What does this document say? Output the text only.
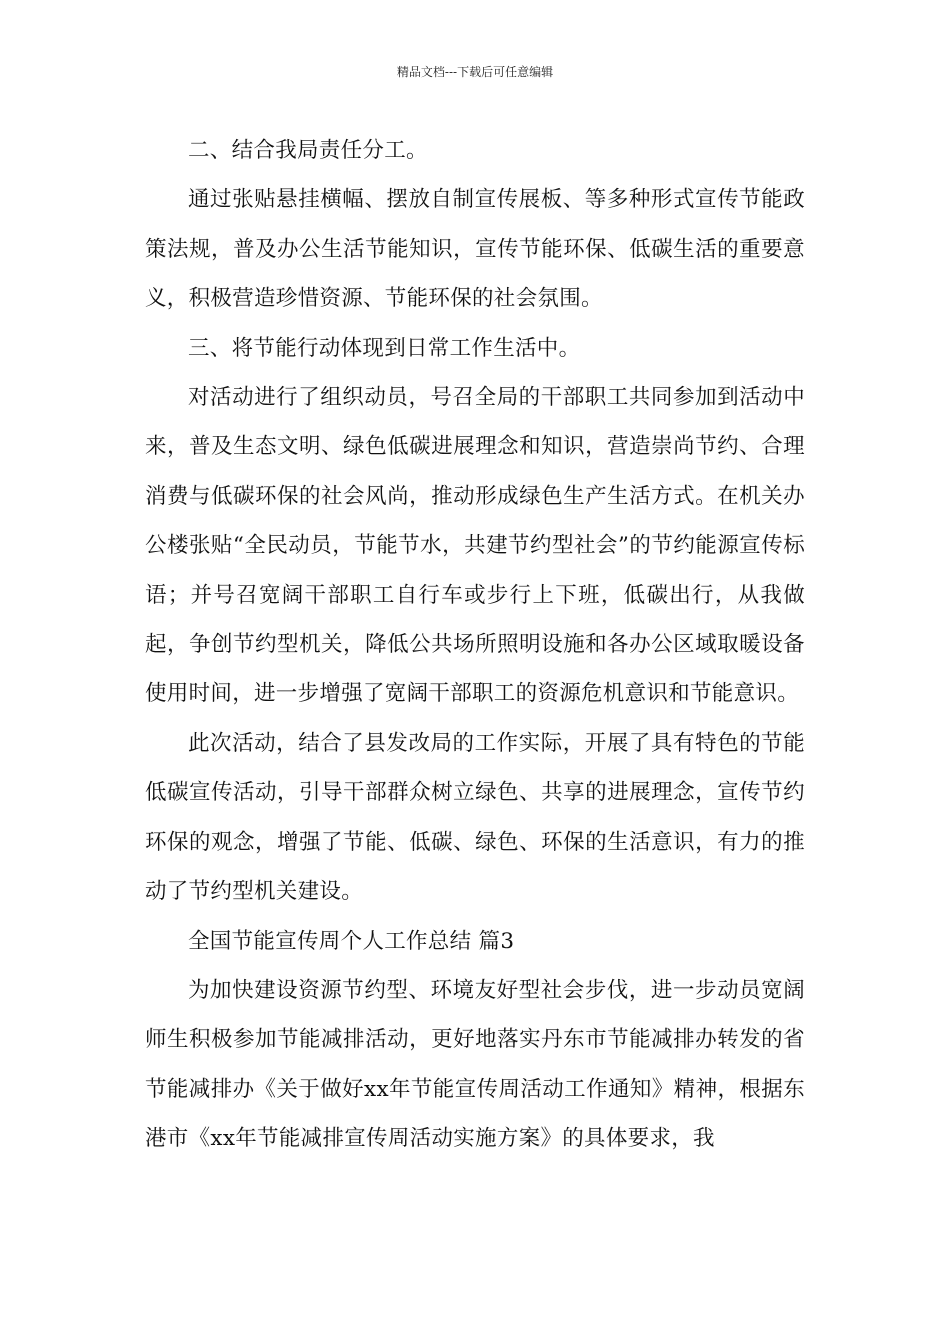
精品文档---下载后可任意编辑

二、结合我局责任分工。

通过张贴悬挂横幅、摆放自制宣传展板、等多种形式宣传节能政策法规，普及办公生活节能知识，宣传节能环保、低碳生活的重要意义，积极营造珍惜资源、节能环保的社会氛围。

三、将节能行动体现到日常工作生活中。

对活动进行了组织动员，号召全局的干部职工共同参加到活动中来，普及生态文明、绿色低碳进展理念和知识，营造崇尚节约、合理消费与低碳环保的社会风尚，推动形成绿色生产生活方式。在机关办公楼张贴“全民动员，节能节水，共建节约型社会”的节约能源宣传标语；并号召宽阔干部职工自行车或步行上下班，低碳出行，从我做起，争创节约型机关，降低公共场所照明设施和各办公区域取暖设备使用时间，进一步增强了宽阔干部职工的资源危机意识和节能意识。

此次活动，结合了县发改局的工作实际，开展了具有特色的节能低碳宣传活动，引导干部群众树立绿色、共享的进展理念，宣传节约环保的观念，增强了节能、低碳、绿色、环保的生活意识，有力的推动了节约型机关建设。

全国节能宣传周个人工作总结 篇3

为加快建设资源节约型、环境友好型社会步伐，进一步动员宽阔师生积极参加节能减排活动，更好地落实丹东市节能减排办转发的省节能减排办《关于做好xx年节能宣传周活动工作通知》精神，根据东港市《xx年节能减排宣传周活动实施方案》的具体要求，我
